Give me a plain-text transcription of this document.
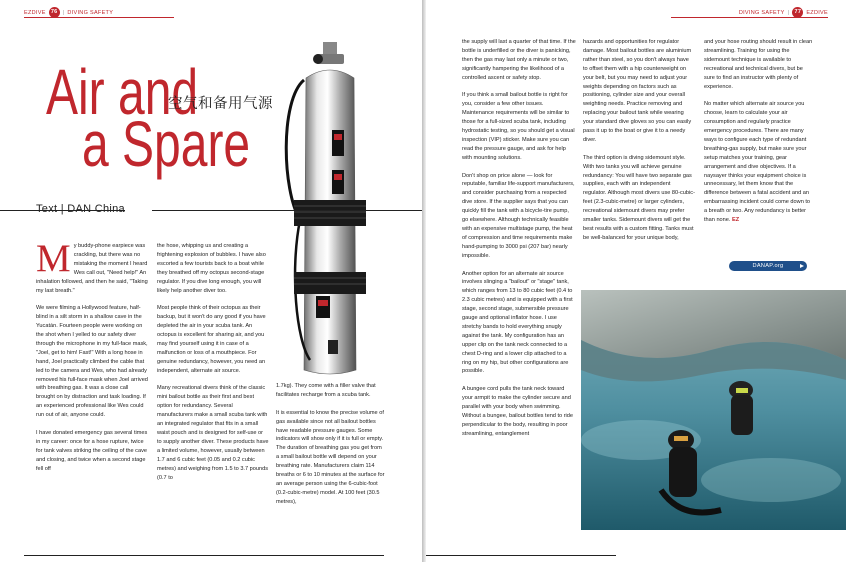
EZDIVE 76 | DIVING SAFETY
Air and
a Spare
空气和备用气源
Text | DAN China

My buddy-phone earpiece was crackling, but there was no mistaking the moment I heard Wes call out, "Need help!" An inhalation followed, and then he said, "Taking my last breath."

We were filming a Hollywood feature, half-blind in a silt storm in a shallow cave in the Yucatán. Fourteen people were working on the shot when I yelled to our safety diver through the microphone in my full-face mask, "Joel, get to him! Fast!" With a long hose in hand, Joel practically climbed the cable that led to the camera and Wes, who had already removed his full-face mask when Joel arrived with breathing gas. It was a close call brought on by distraction and task loading. If an experienced professional like Wes could run out of air, anyone could.

I have donated emergency gas several times in my career: once for a hose rupture, twice for tank valves striking the ceiling of the cave and closing, and twice when a second stage fell off

the hose, whipping us and creating a frightening explosion of bubbles. I have also escorted a few tourists back to a boat while they breathed off my octopus second-stage regulator. If you dive long enough, you will likely help another diver too.

Most people think of their octopus as their backup, but it won't do any good if you have depleted the air in your scuba tank. An octopus is excellent for sharing air, and you may find yourself using it in case of a malfunction or loss of a mouthpiece. For genuine redundancy, however, you need an independent, alternate air source.

Many recreational divers think of the classic mini bailout bottle as their first and best option for redundancy. Several manufacturers make a small scuba tank with an integrated regulator that fits in a small waist pouch and is designed for self-use or to supply another diver. These products have a limited volume, however, usually between 1.7 and 6 cubic feet (0.05 and 0.2 cubic metres) and weighing from 1.5 to 3.7 pounds (0.7 to

1.7kg). They come with a filler valve that facilitates recharge from a scuba tank.

It is essential to know the precise volume of gas available since not all bailout bottles have readable pressure gauges. Some indicators will show only if it is full or empty. The duration of breathing gas you get from a small bailout bottle will depend on your breathing rate. Manufacturers claim 114 breaths or 6 to 10 minutes at the surface for an average person using the 6-cubic-foot (0.2-cubic-metre) model. At 100 feet (30.5 metres),

DIVING SAFETY | 77 EZDIVE

the supply will last a quarter of that time. If the bottle is underfilled or the diver is panicking, then the gas may last only a minute or two, significantly hampering the likelihood of a controlled ascent or safety stop.

If you think a small bailout bottle is right for you, consider a few other issues. Maintenance requirements will be similar to those for a full-sized scuba tank, including hydrostatic testing, so you should get a visual inspection (VIP) sticker. Make sure you can read the pressure gauge, and ask for help with mounting solutions.

Don't shop on price alone — look for reputable, familiar life-support manufacturers, and consider purchasing from a respected dive store. If the supplier says that you can quickly fill the tank with a bicycle-tire pump, go elsewhere. Although technically feasible with an expensive multistage pump, the heat of compression and time requirements make hand-pumping to 3000 psi (207 bar) nearly impossible.

Another option for an alternate air source involves slinging a "bailout" or "stage" tank, which ranges from 13 to 80 cubic feet (0.4 to 2.3 cubic metres) and is equipped with a first stage, second stage, submersible pressure gauge and optional inflator hose. I use stretchy bands to hold everything snugly against the tank. My configuration has an upper clip on the tank neck connected to a chest D-ring and a lower clip attached to a ring on my hip, but other configurations are possible.

A bungee cord pulls the tank neck toward your armpit to make the cylinder secure and parallel with your body when swimming. Without a bungee, bailout bottles tend to ride perpendicular to the body, resulting in poor streamlining, entanglement

hazards and opportunities for regulator damage. Most bailout bottles are aluminium rather than steel, so you don't always have to offset them with a hip counterweight on your belt, but you may need to adjust your weights depending on factors such as positioning, cylinder size and your overall weighting needs. Practice removing and replacing your bailout tank while wearing your standard dive gloves so you can easily pass it up to the boat or give it to a needy diver.

The third option is diving sidemount style. With two tanks you will achieve genuine redundancy: You will have two separate gas supplies, each with an independent regulator. Although most divers use 80-cubic-feet (2.3-cubic-metre) or larger cylinders, recreational sidemount divers may prefer smaller tanks. Sidemount divers will get the best results with a custom fitting. Tanks must be well-balanced for your unique body,

and your hose routing should result in clean streamlining. Training for using the sidemount technique is available to recreational and technical divers, but be sure to find an instructor with plenty of experience.

No matter which alternate air source you choose, learn to calculate your air consumption and regularly practice emergency procedures. There are many ways to configure each type of redundant breathing-gas supply, but make sure your setup matches your training, gear arrangement and dive objectives. If a naysayer thinks your equipment choice is unnecessary, let them know that the difference between a fatal accident and an embarrassing incident could come down to a breath or two. Any redundancy is better than none. EZ

DANAP.org
